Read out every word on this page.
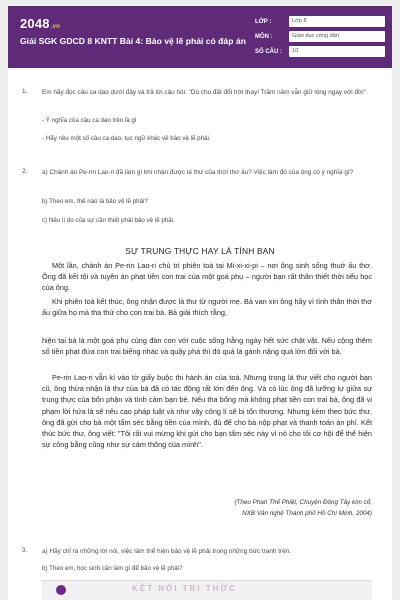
2048.vn
Giải SGK GDCD 8 KNTT Bài 4: Bảo vệ lẽ phải có đáp án
LỚP :	Lớp 8
MÔN :	Giáo dục công dân
SỐ CÂU :	10
1. Em hãy đọc câu ca dao dưới đây và trả lời câu hỏi: "Dù cho đất đổi trời thay/ Trăm năm vẫn giữ lòng ngay với đời"
- Ý nghĩa của câu ca dao trên là gì
- Hãy nêu một số câu ca dao, tục ngữ khác về bảo vệ lẽ phải.
2. a) Chánh án Pe-rin Lao-ri đã làm gì khi nhận được lá thư của thời thơ ấu? Việc làm đó của ông có ý nghĩa gì?
b) Theo em, thế nào là bảo vệ lẽ phải?
c) Nêu lí do của sự cần thiết phải bảo vệ lẽ phải.
SỰ TRUNG THỰC HAY LÀ TÌNH BẠN
Một lần, chánh án Pe-rin Lao-ri chủ trì phiên toà tại Mi-xi-xi-pi – nơi ông sinh sống thuở ấu thơ. Ông đã kết tội và tuyên án phạt tiền con trai của một goá phụ – người bạn rất thân thiết thời tiểu học của ông.
Khi phiên toà kết thúc, ông nhận được lá thư từ người mẹ. Bà van xin ông hãy vì tình thân thời thơ ấu giữa họ mà tha thứ cho con trai bà. Bà giải thích rằng,
hiện tại bà là một goá phụ cùng đàn con với cuộc sống hằng ngày hết sức chật vật. Nếu cộng thêm số tiền phạt đứa con trai biếng nhác và quậy phá thì đó quả là gánh nặng quá lớn đối với bà.
Pe-rin Lao-ri vẫn kí vào tờ giấy buộc thi hành án của toà. Nhưng trong lá thư viết cho người bạn cũ, ông thừa nhận lá thư của bà đã có tác động rất lớn đến ông. Và có lúc ông đã lưỡng lự giữa sự trung thực của bổn phận và tình cảm bạn bè. Nếu tha bổng mà không phạt tiền con trai bà, ông đã vi phạm lời hứa là sẽ nêu cao pháp luật và như vậy công lí sẽ bị tổn thương. Nhưng kèm theo bức thư, ông đã gửi cho bà một tấm séc bằng tiền của mình, đủ để cho bà nộp phạt và thanh toán án phí. Kết thúc bức thư, ông viết: "Tôi rất vui mừng khi gửi cho bạn tấm séc này vì nó cho tôi cơ hội để thể hiện sự công bằng cũng như sự cảm thông của mình".
(Theo Phan Thế Phiệt, Chuyện Đông Tây kim cổ,
NXB Văn nghệ Thành phố Hồ Chí Minh, 2004)
3. a) Hãy chỉ ra những lời nói, việc làm thể hiện bảo vệ lẽ phải trong những bức tranh trên.
b) Theo em, học sinh cần làm gì để bảo vệ lẽ phải?
KẾT NỐI TRI THỨC
